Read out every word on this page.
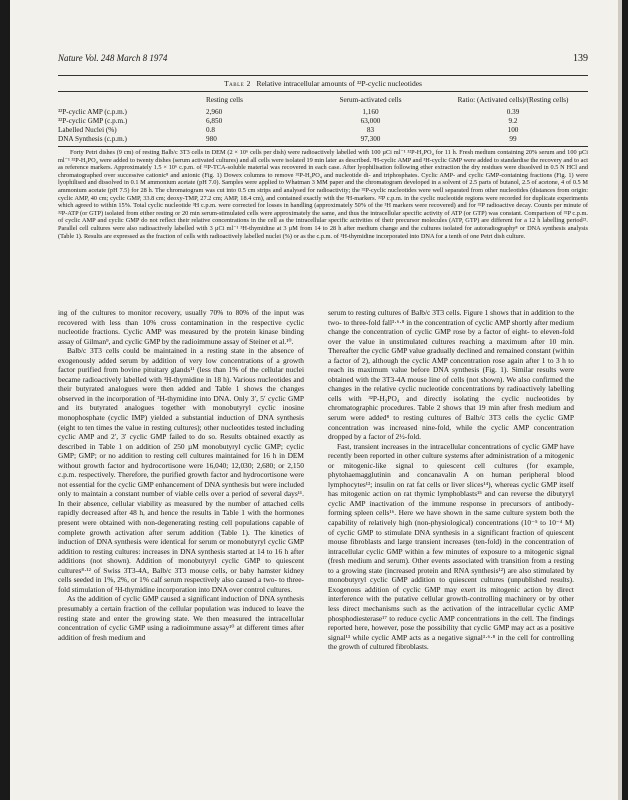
Nature Vol. 248 March 8 1974	139
Table 2 Relative intracellular amounts of ³²P-cyclic nucleotides
	Resting cells	Serum-activated cells	Ratio: (Activated cells)/(Resting cells)
³²P-cyclic AMP (c.p.m.)	2,960	1,160	0.39
³²P-cyclic GMP (c.p.m.)	6,850	63,000	9.2
Labelled Nuclei (%)	0.8	83	100
DNA Synthesis (c.p.m.)	980	97,300	99
Forty Petri dishes (9 cm) of resting Balb/c 3T3 cells in DEM (2 × 10⁶ cells per dish) were radioactively labelled with 100 µCi ml⁻¹ ³²P-H₃PO₄ for 11 h. Fresh medium containing 20% serum and 100 µCi ml⁻¹ ³²P-H₃PO₄ were added to twenty dishes (serum activated cultures) and all cells were isolated 19 min later as described. ³H-cyclic AMP and ³H-cyclic GMP were added to standardise the recovery and to act as reference markers. Approximately 1.5 × 10⁶ c.p.m. of ³²P-TCA-soluble material was recovered in each case. After lyophilisation following ether extraction the dry residues were dissolved in 0.5 N HCl and chromatographed over successive cationic⁸ and anionic (Fig. 1) Dowex columns to remove ³²P-H₃PO₄ and nucleotide di- and triphosphates. Cyclic AMP- and cyclic GMP-containing fractions (Fig. 1) were lyophilised and dissolved in 0.1 M ammonium acetate (pH 7.0). Samples were applied to Whatman 3 MM paper and the chromatogram developed in a solvent of 2.5 parts of butanol, 2.5 of acetone, 4 of 0.5 M ammonium acetate (pH 7.5) for 28 h. The chromatogram was cut into 0.5 cm strips and analysed for radioactivity; the ³²P-cyclic nucleotides were well separated from other nucleotides (distances from origin: cyclic AMP, 40 cm; cyclic GMP, 33.8 cm; deoxy-TMP, 27.2 cm; AMP, 18.4 cm), and contained exactly with the ³H-markers. ³²P c.p.m. in the cyclic nucleotide regions were recorded for duplicate experiments which agreed to within 15%. Total cyclic nucleotide ³H c.p.m. were corrected for losses in handling (approximately 50% of the ³H markers were recovered) and for ³²P radioactive decay. Counts per minute of ³²P-ATP (or GTP) isolated from either resting or 20 min serum-stimulated cells were approximately the same, and thus the intracellular specific activity of ATP (or GTP) was constant. Comparison of ³²P c.p.m. of cyclic AMP and cyclic GMP do not reflect their relative concentrations in the cell as the intracellular specific activities of their precursor molecules (ATP, GTP) are different for a 12 h labelling period²¹. Parallel cell cultures were also radioactively labelled with 3 µCi ml⁻¹ ³H-thymidine at 3 µM from 14 to 28 h after medium change and the cultures isolated for autoradiography⁸ or DNA synthesis analysis (Table 1). Results are expressed as the fraction of cells with radioactively labelled nuclei (%) or as the c.p.m. of ³H-thymidine incorporated into DNA for a tenth of one Petri dish culture.

ing of the cultures to monitor recovery, usually 70% to 80% of the input was recovered with less than 10% cross contamination in the respective cyclic nucleotide fractions. Cyclic AMP was measured by the protein kinase binding assay of Gilman⁹, and cyclic GMP by the radioimmune assay of Steiner et al.¹⁰.

Balb/c 3T3 cells could be maintained in a resting state in the absence of exogenously added serum by addition of very low concentrations of a growth factor purified from bovine pituitary glands¹¹ (less than 1% of the cellular nuclei became radioactively labelled with ³H-thymidine in 18 h). Various nucleotides and their butyrated analogues were then added and Table 1 shows the changes observed in the incorporation of ³H-thymidine into DNA. Only 3′, 5′ cyclic GMP and its butyrated analogues together with monobutyryl cyclic inosine monophosphate (cyclic IMP) yielded a substantial induction of DNA synthesis (eight to ten times the value in resting cultures); other nucleotides tested including cyclic AMP and 2′, 3′ cyclic GMP failed to do so. Results obtained exactly as described in Table 1 on addition of 250 µM monobutyryl cyclic GMP; cyclic GMP; GMP; or no addition to resting cell cultures maintained for 16 h in DEM without growth factor and hydrocortisone were 16,040; 12,030; 2,680; or 2,150 c.p.m. respectively. Therefore, the purified growth factor and hydrocortisone were not essential for the cyclic GMP enhancement of DNA synthesis but were included only to maintain a constant number of viable cells over a period of several days¹¹. In their absence, cellular viability as measured by the number of attached cells rapidly decreased after 48 h, and hence the results in Table 1 with the hormones present were obtained with non-degenerating resting cell populations capable of complete growth activation after serum addition (Table 1). The kinetics of induction of DNA synthesis were identical for serum or monobutyryl cyclic GMP addition to resting cultures: increases in DNA synthesis started at 14 to 16 h after additions (not shown). Addition of monobutyryl cyclic GMP to quiescent cultures⁸·¹² of Swiss 3T3-4A, Balb/c 3T3 mouse cells, or baby hamster kidney cells seeded in 1%, 2%, or 1% calf serum respectively also caused a two- to three-fold stimulation of ³H-thymidine incorporation into DNA over control cultures.

As the addition of cyclic GMP caused a significant induction of DNA synthesis presumably a certain fraction of the cellular population was induced to leave the resting state and enter the growing state. We then measured the intracellular concentration of cyclic GMP using a radioimmune assay¹⁰ at different times after addition of fresh medium and

serum to resting cultures of Balb/c 3T3 cells. Figure 1 shows that in addition to the two- to three-fold fall³·⁶·⁸ in the concentration of cyclic AMP shortly after medium change the concentration of cyclic GMP rose by a factor of eight- to eleven-fold over the value in unstimulated cultures reaching a maximum after 10 min. Thereafter the cyclic GMP value gradually declined and remained constant (within a factor of 2), although the cyclic AMP concentration rose again after 1 to 3 h to reach its maximum value before DNA synthesis (Fig. 1). Similar results were obtained with the 3T3-4A mouse line of cells (not shown). We also confirmed the changes in the relative cyclic nucleotide concentrations by radioactively labelling cells with ³²P-H₃PO₄ and directly isolating the cyclic nucleotides by chromatographic procedures. Table 2 shows that 19 min after fresh medium and serum were added⁸ to resting cultures of Balb/c 3T3 cells the cyclic GMP concentration was increased nine-fold, while the cyclic AMP concentration dropped by a factor of 2½-fold.

Fast, transient increases in the intracellular concentrations of cyclic GMP have recently been reported in other culture systems after administration of a mitogenic or mitogenic-like signal to quiescent cell cultures (for example, phytohaemagglutinin and concanavalin A on human peripheral blood lymphocytes¹³; insulin on rat fat cells or liver slices¹⁴), whereas cyclic GMP itself has mitogenic action on rat thymic lymphoblasts¹⁵ and can reverse the dibutyryl cyclic AMP inactivation of the immune response in precursors of antibody-forming spleen cells¹⁶. Here we have shown in the same culture system both the capability of relatively high (non-physiological) concentrations (10⁻⁵ to 10⁻⁴ M) of cyclic GMP to stimulate DNA synthesis in a significant fraction of quiescent mouse fibroblasts and large transient increases (ten-fold) in the concentration of intracellular cyclic GMP within a few minutes of exposure to a mitogenic signal (fresh medium and serum). Other events associated with transition from a resting to a growing state (increased protein and RNA synthesis¹²) are also stimulated by monobutyryl cyclic GMP addition to quiescent cultures (unpublished results). Exogenous addition of cyclic GMP may exert its mitogenic action by direct interference with the putative cellular growth-controlling machinery or by other less direct mechanisms such as the activation of the intracellular cyclic AMP phosphodiesterase¹⁷ to reduce cyclic AMP concentrations in the cell. The findings reported here, however, pose the possibility that cyclic GMP may act as a positive signal¹³ while cyclic AMP acts as a negative signal³·⁶·⁸ in the cell for controlling the growth of cultured fibroblasts.
